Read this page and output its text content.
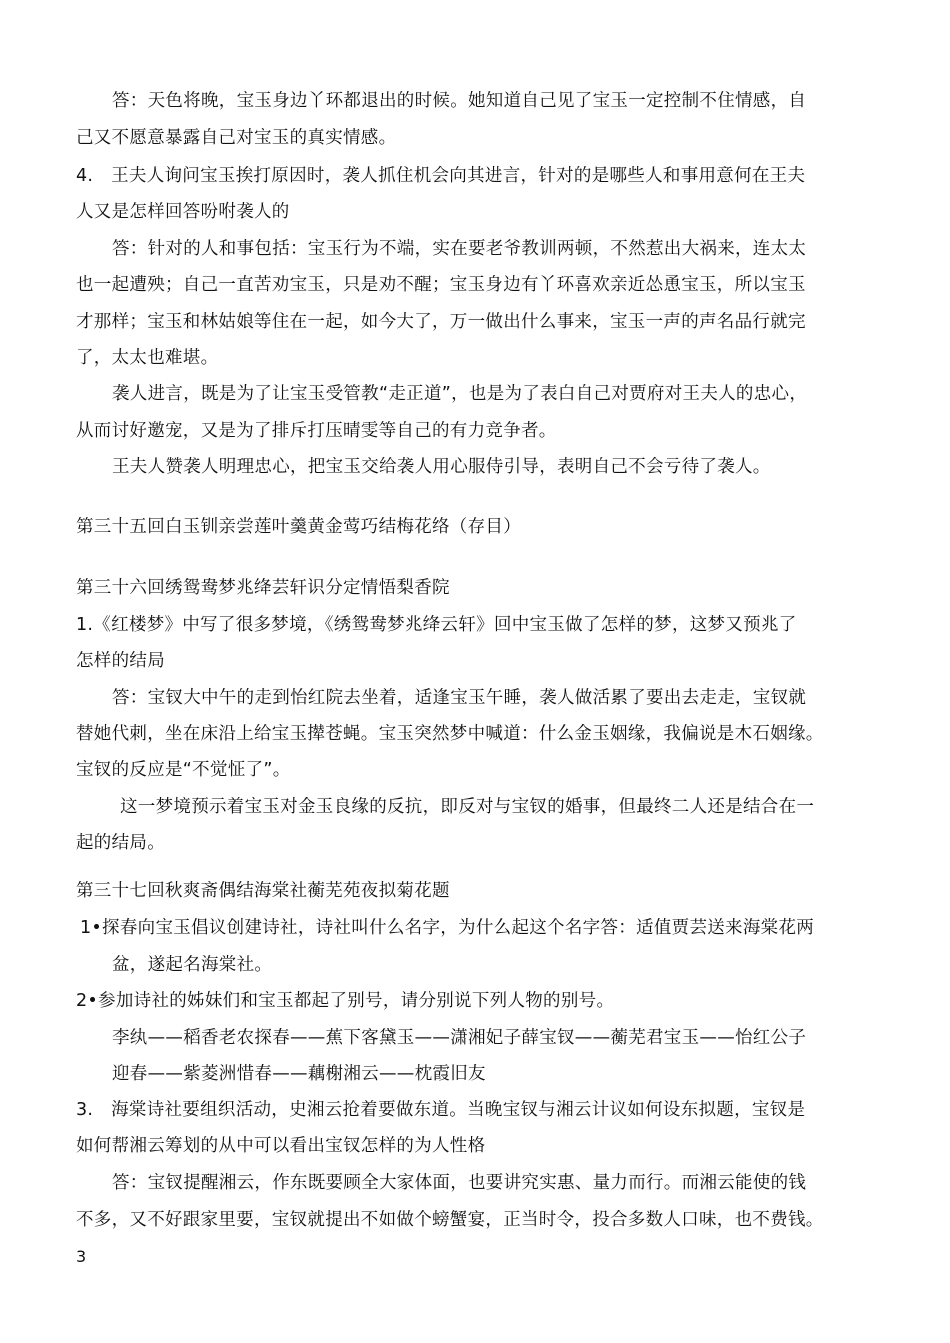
答：天色将晚，宝玉身边丫环都退出的时候。她知道自己见了宝玉一定控制不住情感，自
己又不愿意暴露自己对宝玉的真实情感。
4.　王夫人询问宝玉挨打原因时，袭人抓住机会向其进言，针对的是哪些人和事用意何在王夫
人又是怎样回答吩咐袭人的
答：针对的人和事包括：宝玉行为不端，实在要老爷教训两顿，不然惹出大祸来，连太太
也一起遭殃；自己一直苦劝宝玉，只是劝不醒；宝玉身边有丫环喜欢亲近怂恿宝玉，所以宝玉
才那样；宝玉和林姑娘等住在一起，如今大了，万一做出什么事来，宝玉一声的声名品行就完
了，太太也难堪。
袭人进言，既是为了让宝玉受管教“走正道”，也是为了表白自己对贾府对王夫人的忠心，
从而讨好邀宠，又是为了排斥打压晴雯等自己的有力竞争者。
王夫人赞袭人明理忠心，把宝玉交给袭人用心服侍引导，表明自己不会亏待了袭人。
第三十五回白玉钏亲尝莲叶羹黄金莺巧结梅花络（存目）
第三十六回绣鸳鸯梦兆绛芸轩识分定情悟梨香院
1.《红楼梦》中写了很多梦境，《绣鸳鸯梦兆绛云轩》回中宝玉做了怎样的梦，这梦又预兆了
怎样的结局
答：宝钗大中午的走到怡红院去坐着，适逢宝玉午睡，袭人做活累了要出去走走，宝钗就
替她代刺，坐在床沿上给宝玉撵苍蝇。宝玉突然梦中喊道：什么金玉姻缘，我偏说是木石姻缘。
宝钗的反应是“不觉怔了”。
这一梦境预示着宝玉对金玉良缘的反抗，即反对与宝钗的婚事，但最终二人还是结合在一
起的结局。
第三十七回秋爽斋偶结海棠社蘅芜苑夜拟菊花题
1•探春向宝玉倡议创建诗社，诗社叫什么名字，为什么起这个名字答：适值贾芸送来海棠花两
盆，遂起名海棠社。
2•参加诗社的姊妹们和宝玉都起了别号，请分别说下列人物的别号。
李纨——稻香老农探春——蕉下客黛玉——潇湘妃子薛宝钗——蘅芜君宝玉——怡红公子
迎春——紫菱洲惜春——藕榭湘云——枕霞旧友
3.　海棠诗社要组织活动，史湘云抢着要做东道。当晚宝钗与湘云计议如何设东拟题，宝钗是
如何帮湘云筹划的从中可以看出宝钗怎样的为人性格
答：宝钗提醒湘云，作东既要顾全大家体面，也要讲究实惠、量力而行。而湘云能使的钱
不多，又不好跟家里要，宝钗就提出不如做个螃蟹宴，正当时令，投合多数人口味，也不费钱。
3
